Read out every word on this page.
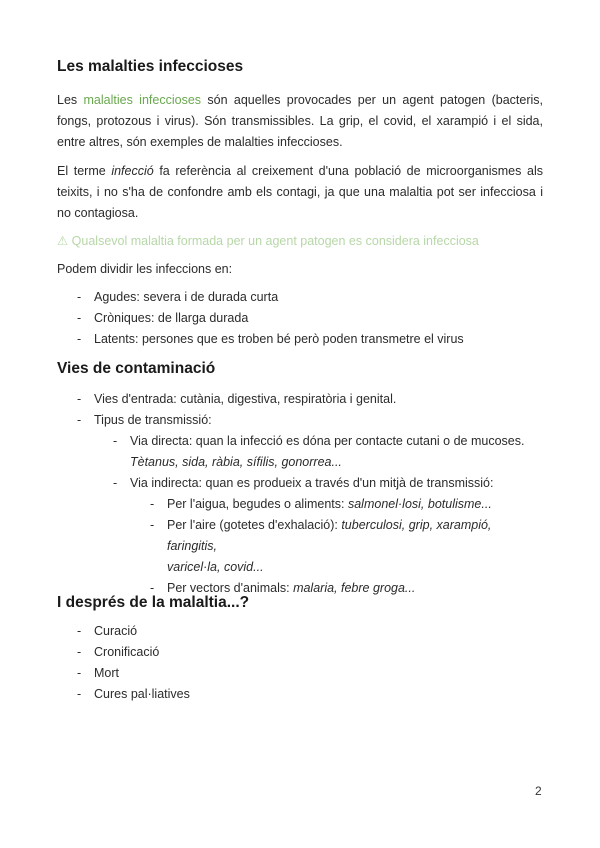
Les malalties infeccioses

Les malalties infeccioses són aquelles provocades per un agent patogen (bacteris, fongs, protozous i virus). Són transmissibles. La grip, el covid, el xarampió i el sida, entre altres, són exemples de malalties infeccioses.

El terme infecció fa referència al creixement d'una població de microorganismes als teixits, i no s'ha de confondre amb els contagi, ja que una malaltia pot ser infecciosa i no contagiosa.

⚠ Qualsevol malaltia formada per un agent patogen es considera infecciosa

Podem dividir les infeccions en:

- Agudes: severa i de durada curta
- Cròniques: de llarga durada
- Latents: persones que es troben bé però poden transmetre el virus
Vies de contaminació
- Vies d'entrada: cutània, digestiva, respiratòria i genital.
- Tipus de transmissió:
- Via directa: quan la infecció es dóna per contacte cutani o de mucoses.
Tètanus, sida, ràbia, sífilis, gonorrea...
- Via indirecta: quan es produeix a través d'un mitjà de transmissió:
- Per l'aigua, begudes o aliments: salmonel·losi, botulisme...
- Per l'aire (gotetes d'exhalació): tuberculosi, grip, xarampió, faringitis,
varicel·la, covid...
- Per vectors d'animals: malaria, febre groga...
I després de la malaltia...?
- Curació
- Cronificació
- Mort
- Cures pal·liatives
2
